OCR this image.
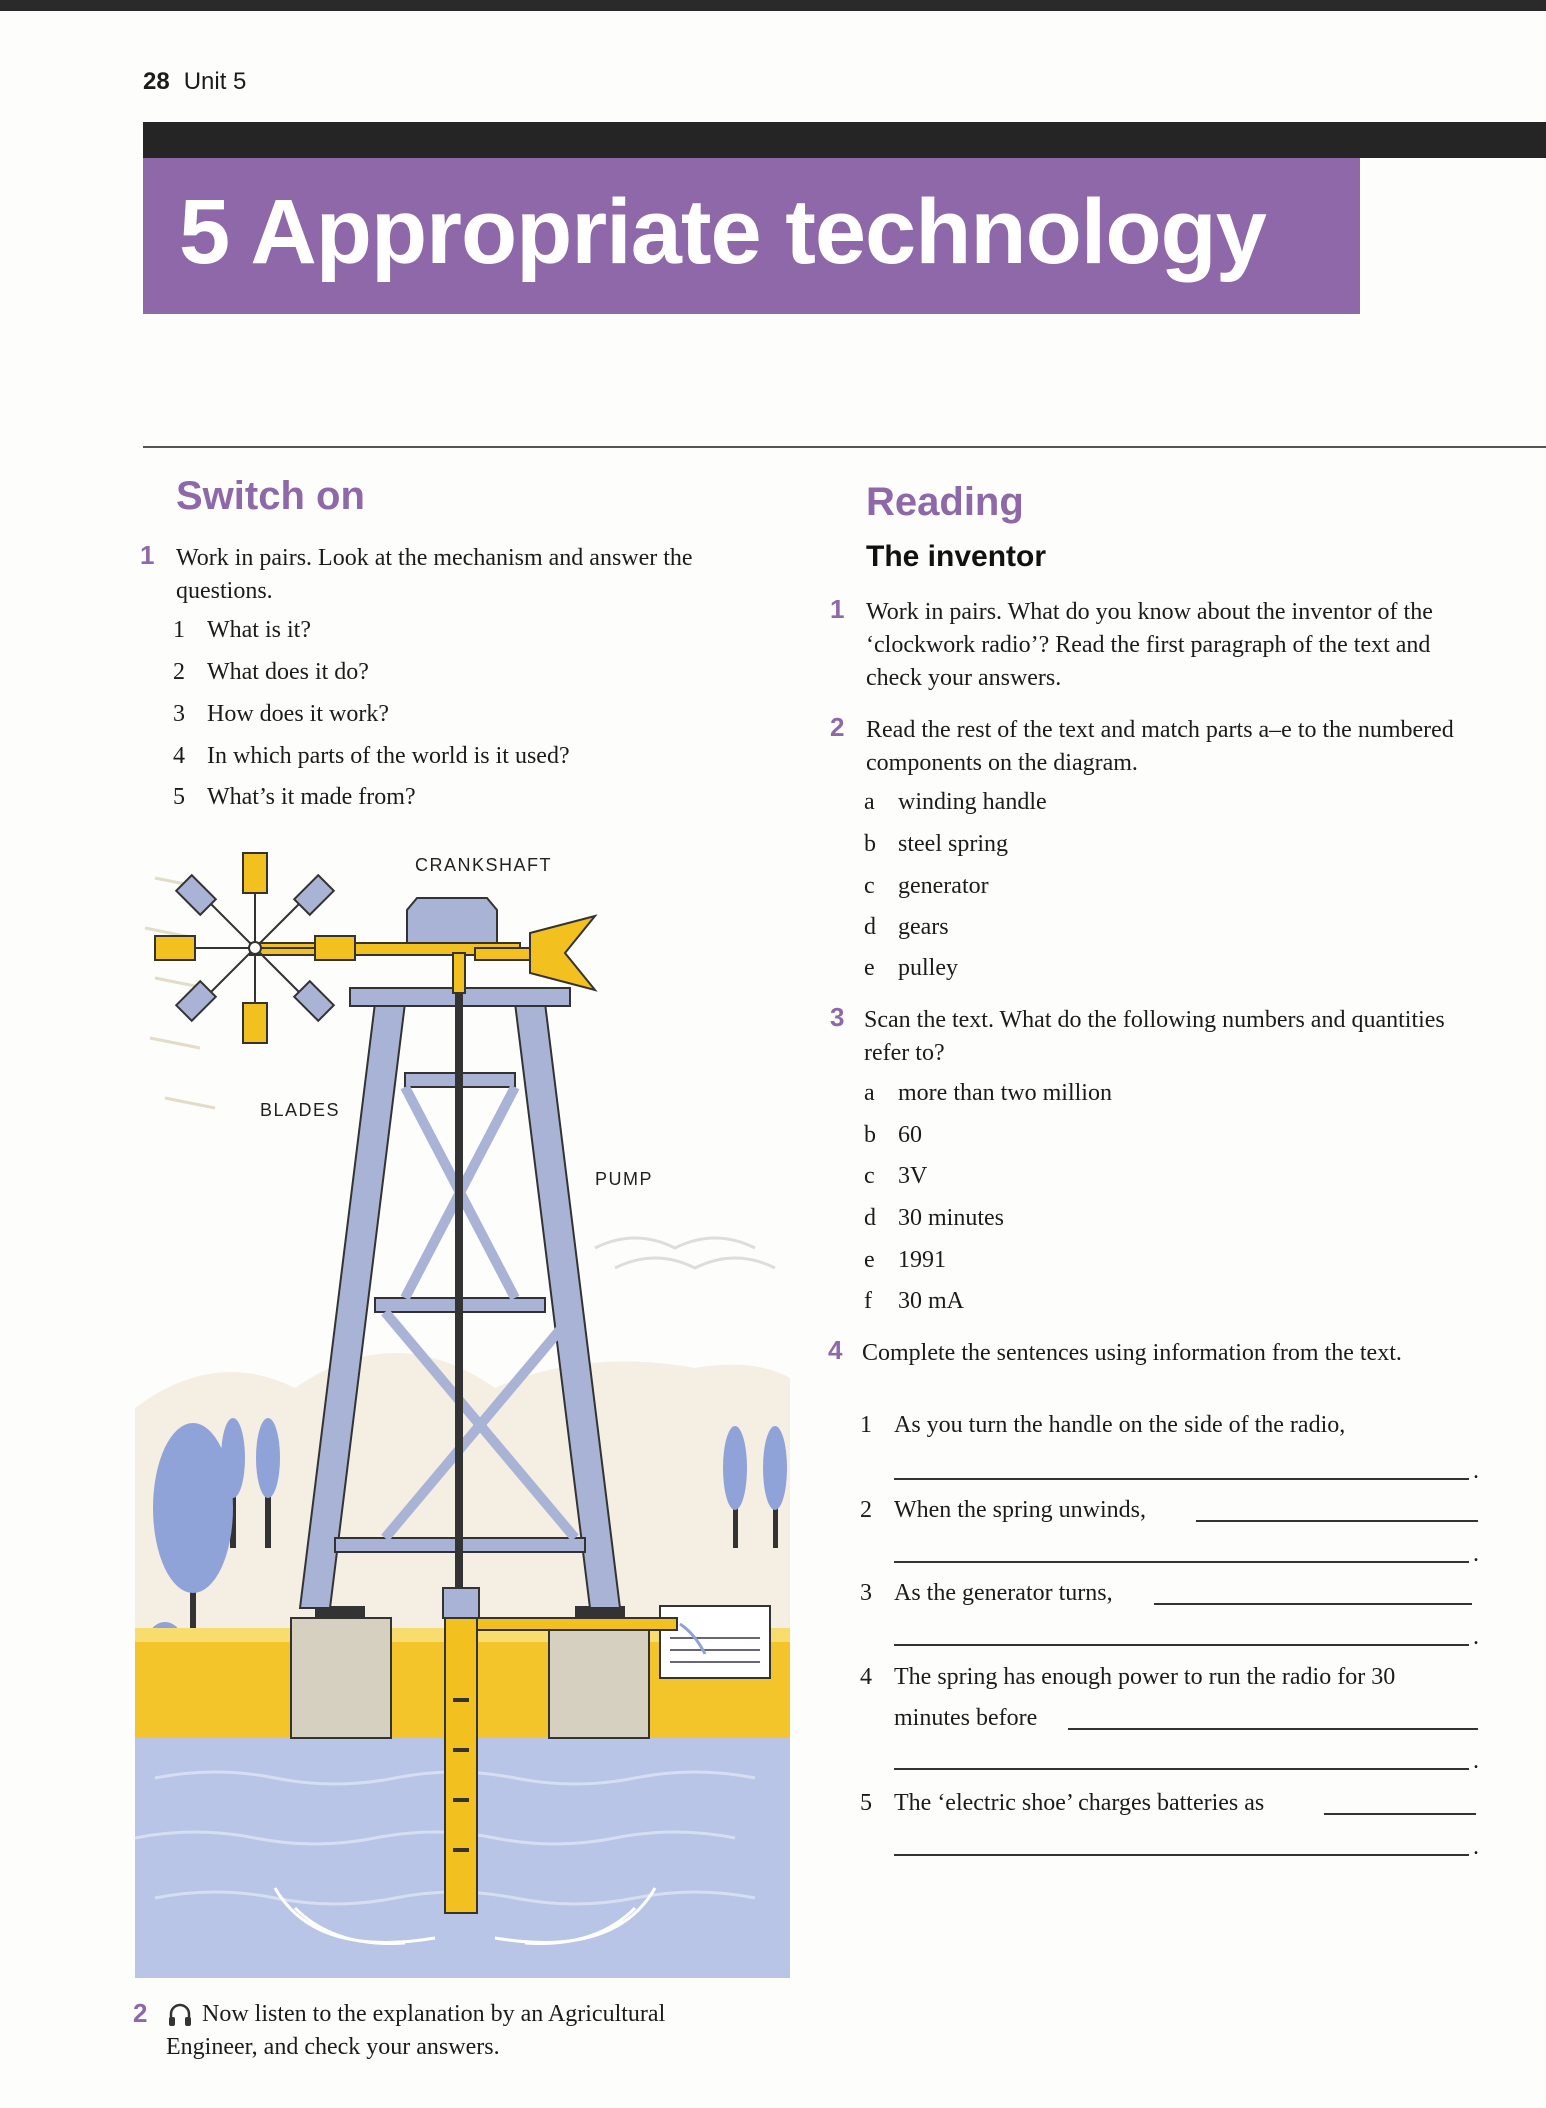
28 Unit 5
5 Appropriate technology
Switch on
1 Work in pairs. Look at the mechanism and answer the questions.
1 What is it?
2 What does it do?
3 How does it work?
4 In which parts of the world is it used?
5 What’s it made from?
CRANKSHAFT
BLADES
PUMP
2	Now listen to the explanation by an Agricultural Engineer, and check your answers.
Reading
The inventor
1 Work in pairs. What do you know about the inventor of the ‘clockwork radio’? Read the first paragraph of the text and check your answers.
2 Read the rest of the text and match parts a–e to the numbered components on the diagram.
a winding handle
b steel spring
c generator
d gears
e pulley
3 Scan the text. What do the following numbers and quantities refer to?
a more than two million
b 60
c 3V
d 30 minutes
e 1991
f 30 mA
4 Complete the sentences using information from the text.
1 As you turn the handle on the side of the radio,
.
2 When the spring unwinds,
.
3 As the generator turns,
.
4 The spring has enough power to run the radio for 30
minutes before
.
5 The ‘electric shoe’ charges batteries as
.
